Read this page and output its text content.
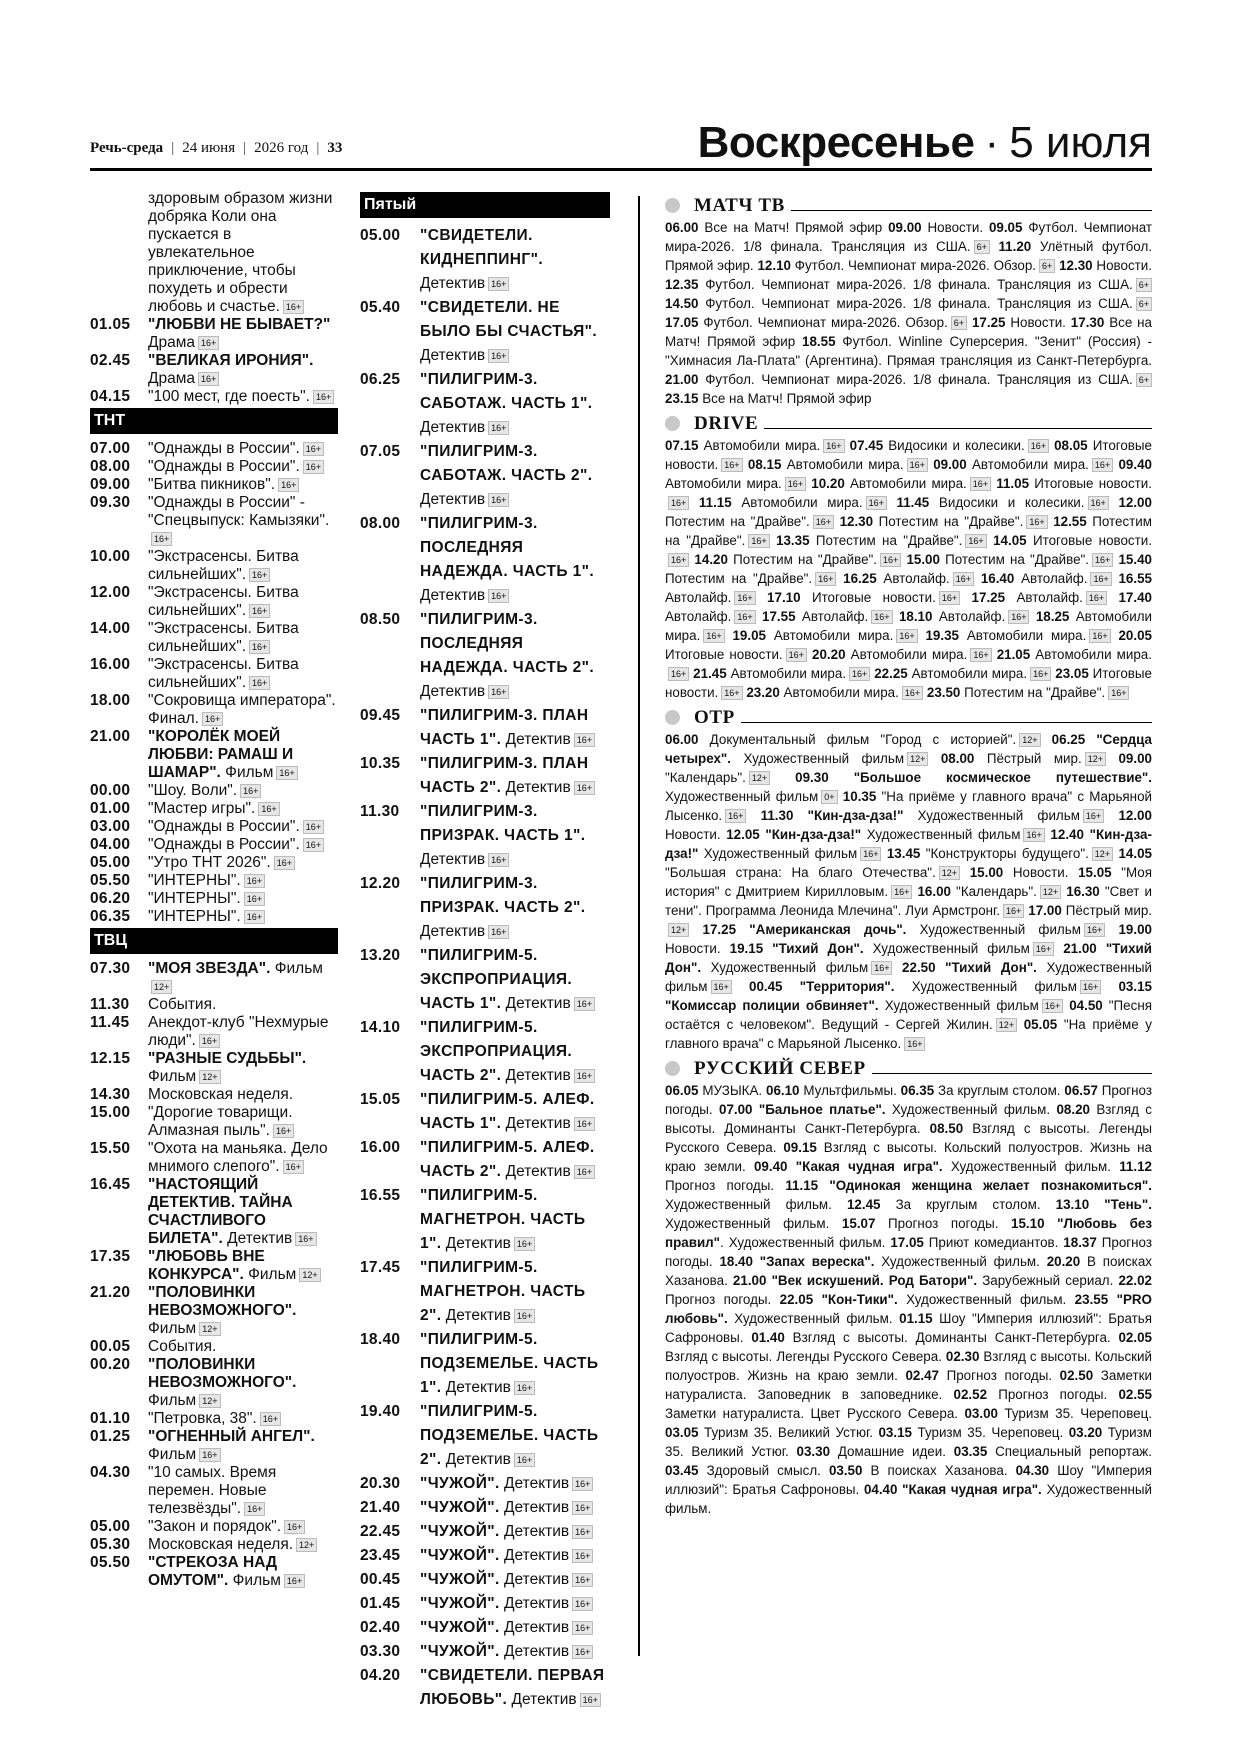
Речь-среда | 24 июня | 2026 год | 33	Воскресенье · 5 июля
здоровым образом жизни добряка Коли она пускается в увлекательное приключение, чтобы похудеть и обрести любовь и счастье. 16+
01.05	"ЛЮБВИ НЕ БЫВАЕТ?" Драма 16+
02.45	"ВЕЛИКАЯ ИРОНИЯ". Драма 16+
04.15	"100 мест, где поесть". 16+
ТНТ
07.00	"Однажды в России". 16+
08.00	"Однажды в России". 16+
09.00	"Битва пикников". 16+
09.30	"Однажды в России" - "Спецвыпуск: Камызяки".16+
10.00	"Экстрасенсы. Битва сильнейших". 16+
12.00	"Экстрасенсы. Битва сильнейших". 16+
14.00	"Экстрасенсы. Битва сильнейших". 16+
16.00	"Экстрасенсы. Битва сильнейших". 16+
18.00	"Сокровища императора". Финал. 16+
21.00	"КОРОЛЁК МОЕЙ ЛЮБВИ: РАМАШ И ШАМАР". Фильм 16+
00.00	"Шоу. Воли". 16+
01.00	"Мастер игры". 16+
03.00	"Однажды в России". 16+
04.00	"Однажды в России". 16+
05.00	"Утро ТНТ 2026". 16+
05.50	"ИНТЕРНЫ". 16+
06.20	"ИНТЕРНЫ". 16+
06.35	"ИНТЕРНЫ". 16+
ТВЦ
07.30	"МОЯ ЗВЕЗДА". Фильм12+
11.30	События.
11.45	Анекдот-клуб "Нехмурые люди". 16+
12.15	"РАЗНЫЕ СУДЬБЫ". Фильм 12+
14.30	Московская неделя.
15.00	"Дорогие товарищи. Алмазная пыль". 16+
15.50	"Охота на маньяка. Дело мнимого слепого". 16+
16.45	"НАСТОЯЩИЙ ДЕТЕКТИВ. ТАЙНА СЧАСТЛИВОГО БИЛЕТА". Детектив 16+
17.35	"ЛЮБОВЬ ВНЕ КОНКУРСА". Фильм 12+
21.20	"ПОЛОВИНКИ НЕВОЗМОЖНОГО". Фильм 12+
00.05	События.
00.20	"ПОЛОВИНКИ НЕВОЗМОЖНОГО". Фильм 12+
01.10	"Петровка, 38". 16+
01.25	"ОГНЕННЫЙ АНГЕЛ". Фильм 16+
04.30	"10 самых. Время перемен. Новые телезвёзды". 16+
05.00	"Закон и порядок". 16+
05.30	Московская неделя. 12+
05.50	"СТРЕКОЗА НАД ОМУТОМ". Фильм 16+
Пятый
05.00	"СВИДЕТЕЛИ. КИДНЕППИНГ". Детектив 16+
05.40	"СВИДЕТЕЛИ. НЕ БЫЛО БЫ СЧАСТЬЯ". Детектив 16+
06.25	"ПИЛИГРИМ-3. САБОТАЖ. ЧАСТЬ 1". Детектив 16+
07.05	"ПИЛИГРИМ-3. САБОТАЖ. ЧАСТЬ 2". Детектив 16+
08.00	"ПИЛИГРИМ-3. ПОСЛЕДНЯЯ НАДЕЖДА. ЧАСТЬ 1". Детектив 16+
08.50	"ПИЛИГРИМ-3. ПОСЛЕДНЯЯ НАДЕЖДА. ЧАСТЬ 2". Детектив 16+
09.45	"ПИЛИГРИМ-3. ПЛАН ЧАСТЬ 1". Детектив 16+
10.35	"ПИЛИГРИМ-3. ПЛАН ЧАСТЬ 2". Детектив 16+
11.30	"ПИЛИГРИМ-3. ПРИЗРАК. ЧАСТЬ 1". Детектив 16+
12.20	"ПИЛИГРИМ-3. ПРИЗРАК. ЧАСТЬ 2". Детектив 16+
13.20	"ПИЛИГРИМ-5. ЭКСПРОПРИАЦИЯ. ЧАСТЬ 1". Детектив 16+
14.10	"ПИЛИГРИМ-5. ЭКСПРОПРИАЦИЯ. ЧАСТЬ 2". Детектив 16+
15.05	"ПИЛИГРИМ-5. АЛЕФ. ЧАСТЬ 1". Детектив 16+
16.00	"ПИЛИГРИМ-5. АЛЕФ. ЧАСТЬ 2". Детектив 16+
16.55	"ПИЛИГРИМ-5. МАГНЕТРОН. ЧАСТЬ 1". Детектив 16+
17.45	"ПИЛИГРИМ-5. МАГНЕТРОН. ЧАСТЬ 2". Детектив 16+
18.40	"ПИЛИГРИМ-5. ПОДЗЕМЕЛЬЕ. ЧАСТЬ 1". Детектив 16+
19.40	"ПИЛИГРИМ-5. ПОДЗЕМЕЛЬЕ. ЧАСТЬ 2". Детектив 16+
20.30	"ЧУЖОЙ". Детектив 16+
21.40	"ЧУЖОЙ". Детектив 16+
22.45	"ЧУЖОЙ". Детектив 16+
23.45	"ЧУЖОЙ". Детектив 16+
00.45	"ЧУЖОЙ". Детектив 16+
01.45	"ЧУЖОЙ". Детектив 16+
02.40	"ЧУЖОЙ". Детектив 16+
03.30	"ЧУЖОЙ". Детектив 16+
04.20	"СВИДЕТЕЛИ. ПЕРВАЯ ЛЮБОВЬ". Детектив 16+
МАТЧ ТВ
06.00 Все на Матч! Прямой эфир 09.00 Новости. 09.05 Футбол. Чемпионат мира-2026. 1/8 финала. Трансляция из США. 6+ 11.20 Улётный футбол. Прямой эфир. 12.10 Футбол. Чемпионат мира-2026. Обзор. 6+ 12.30 Новости. 12.35 Футбол. Чемпионат мира-2026. 1/8 финала. Трансляция из США. 6+ 14.50 Футбол. Чемпионат мира-2026. 1/8 финала. Трансляция из США. 6+ 17.05 Футбол. Чемпионат мира-2026. Обзор. 6+ 17.25 Новости. 17.30 Все на Матч! Прямой эфир 18.55 Футбол. Winline Суперсерия. "Зенит" (Россия) - "Химнасия Ла-Плата" (Аргентина). Прямая трансляция из Санкт-Петербурга. 21.00 Футбол. Чемпионат мира-2026. 1/8 финала. Трансляция из США. 6+ 23.15 Все на Матч! Прямой эфир
DRIVE
07.15 Автомобили мира. 16+ 07.45 Видосики и колесики. 16+ 08.05 Итоговые новости. 16+ 08.15 Автомобили мира. 16+ 09.00 Автомобили мира. 16+ 09.40 Автомобили мира. 16+ 10.20 Автомобили мира. 16+ 11.05 Итоговые новости.16+ 11.15 Автомобили мира. 16+ 11.45 Видосики и колесики. 16+ 12.00 Потестим на "Драйве". 16+ 12.30 Потестим на "Драйве". 16+ 12.55 Потестим на "Драйве". 16+ 13.35 Потестим на "Драйве". 16+ 14.05 Итоговые новости.16+ 14.20 Потестим на "Драйве". 16+ 15.00 Потестим на "Драйве". 16+ 15.40 Потестим на "Драйве". 16+ 16.25 Автолайф. 16+ 16.40 Автолайф. 16+ 16.55 Автолайф. 16+ 17.10 Итоговые новости. 16+ 17.25 Автолайф. 16+ 17.40 Автолайф. 16+ 17.55 Автолайф. 16+ 18.10 Автолайф. 16+ 18.25 Автомобили мира. 16+ 19.05 Автомобили мира. 16+ 19.35 Автомобили мира. 16+ 20.05 Итоговые новости. 16+ 20.20 Автомобили мира. 16+ 21.05 Автомобили мира.16+ 21.45 Автомобили мира. 16+ 22.25 Автомобили мира. 16+ 23.05 Итоговые новости. 16+ 23.20 Автомобили мира. 16+ 23.50 Потестим на "Драйве". 16+
ОТР
06.00 Документальный фильм "Город с историей". 12+ 06.25 "Сердца четырех". Художественный фильм 12+ 08.00 Пёстрый мир. 12+ 09.00 "Календарь". 12+ 09.30 "Большое космическое путешествие". Художественный фильм 0+ 10.35 "На приёме у главного врача" с Марьяной Лысенко. 16+ 11.30 "Кин-дза-дза!" Художественный фильм 16+ 12.00 Новости. 12.05 "Кин-дза-дза!" Художественный фильм 16+ 12.40 "Кин-дза-дза!" Художественный фильм 16+ 13.45 "Конструкторы будущего". 12+ 14.05 "Большая страна: На благо Отечества". 12+ 15.00 Новости. 15.05 "Моя история" с Дмитрием Кирилловым. 16+ 16.00 "Календарь". 12+ 16.30 "Свет и тени". Программа Леонида Млечина". Луи Армстронг. 16+ 17.00 Пёстрый мир.12+ 17.25 "Американская дочь". Художественный фильм 16+ 19.00 Новости. 19.15 "Тихий Дон". Художественный фильм 16+ 21.00 "Тихий Дон". Художественный фильм 16+ 22.50 "Тихий Дон". Художественный фильм 16+ 00.45 "Территория". Художественный фильм 16+ 03.15 "Комиссар полиции обвиняет". Художественный фильм 16+ 04.50 "Песня остаётся с человеком". Ведущий - Сергей Жилин. 12+ 05.05 "На приёме у главного врача" с Марьяной Лысенко. 16+
РУССКИЙ СЕВЕР
06.05 МУЗЫКА. 06.10 Мультфильмы. 06.35 За круглым столом. 06.57 Прогноз погоды. 07.00 "Бальное платье". Художественный фильм. 08.20 Взгляд с высоты. Доминанты Санкт-Петербурга. 08.50 Взгляд с высоты. Легенды Русского Севера. 09.15 Взгляд с высоты. Кольский полуостров. Жизнь на краю земли. 09.40 "Какая чудная игра". Художественный фильм. 11.12 Прогноз погоды. 11.15 "Одинокая женщина желает познакомиться". Художественный фильм. 12.45 За круглым столом. 13.10 "Тень". Художественный фильм. 15.07 Прогноз погоды. 15.10 "Любовь без правил". Художественный фильм. 17.05 Приют комедиантов. 18.37 Прогноз погоды. 18.40 "Запах вереска". Художественный фильм. 20.20 В поисках Хазанова. 21.00 "Век искушений. Род Батори". Зарубежный сериал. 22.02 Прогноз погоды. 22.05 "Кон-Тики". Художественный фильм. 23.55 "PRO любовь". Художественный фильм. 01.15 Шоу "Империя иллюзий": Братья Сафроновы. 01.40 Взгляд с высоты. Доминанты Санкт-Петербурга. 02.05 Взгляд с высоты. Легенды Русского Севера. 02.30 Взгляд с высоты. Кольский полуостров. Жизнь на краю земли. 02.47 Прогноз погоды. 02.50 Заметки натуралиста. Заповедник в заповеднике. 02.52 Прогноз погоды. 02.55 Заметки натуралиста. Цвет Русского Севера. 03.00 Туризм 35. Череповец. 03.05 Туризм 35. Великий Устюг. 03.15 Туризм 35. Череповец. 03.20 Туризм 35. Великий Устюг. 03.30 Домашние идеи. 03.35 Специальный репортаж. 03.45 Здоровый смысл. 03.50 В поисках Хазанова. 04.30 Шоу "Империя иллюзий": Братья Сафроновы. 04.40 "Какая чудная игра". Художественный фильм.
